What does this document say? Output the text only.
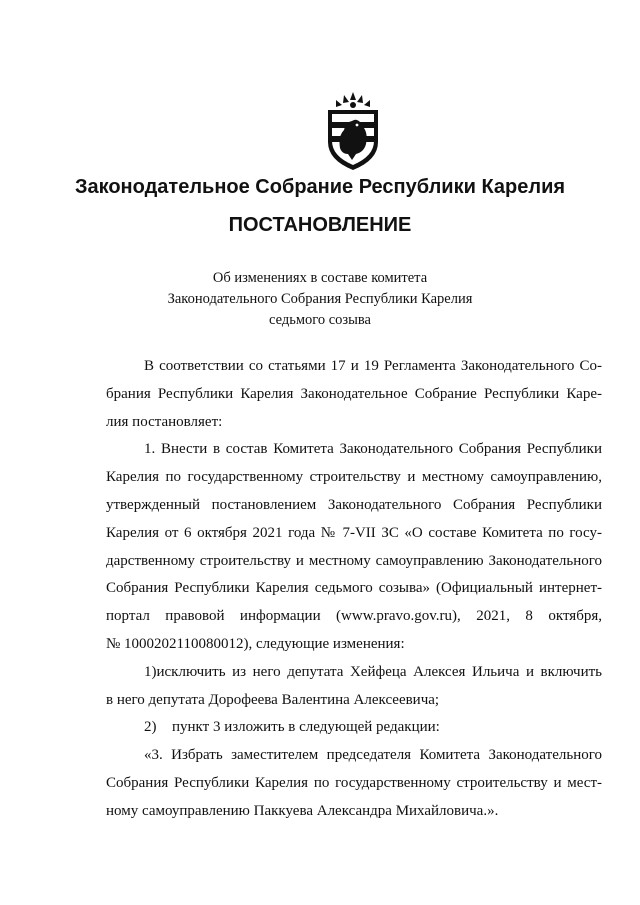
Законодательное Собрание Республики Карелия
ПОСТАНОВЛЕНИЕ
Об изменениях в составе комитета
Законодательного Собрания Республики Карелия
седьмого созыва
В соответствии со статьями 17 и 19 Регламента Законодательного Со-
брания Республики Карелия Законодательное Собрание Республики Каре-
лия постановляет:
1. Внести в состав Комитета Законодательного Собрания Республики
Карелия по государственному строительству и местному самоуправлению,
утвержденный постановлением Законодательного Собрания Республики
Карелия от 6 октября 2021 года № 7-VII ЗС «О составе Комитета по госу-
дарственному строительству и местному самоуправлению Законодательного
Собрания Республики Карелия седьмого созыва» (Официальный интернет-
портал правовой информации (www.pravo.gov.ru), 2021, 8 октября,
№ 1000202110080012), следующие изменения:
1)исключить из него депутата Хейфеца Алексея Ильича и включить
в него депутата Дорофеева Валентина Алексеевича;
2) пункт 3 изложить в следующей редакции:
«3. Избрать заместителем председателя Комитета Законодательного
Собрания Республики Карелия по государственному строительству и мест-
ному самоуправлению Паккуева Александра Михайловича.».
